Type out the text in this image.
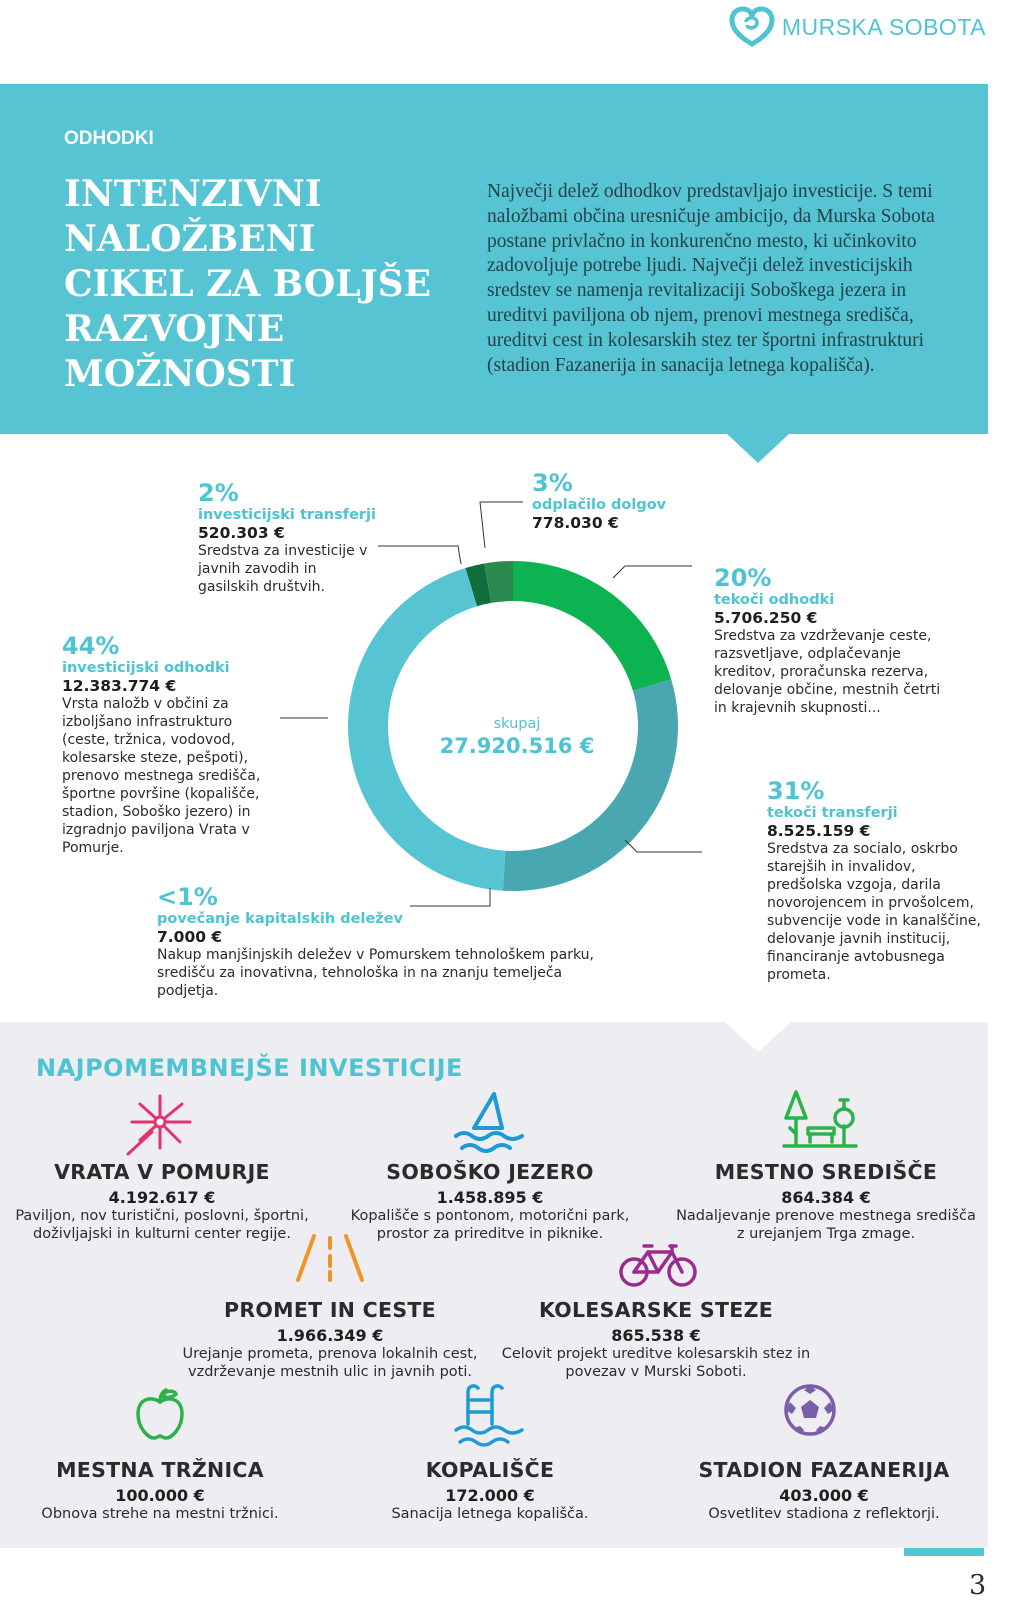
MURSKA SOBOTA
ODHODKI
INTENZIVNI NALOŽBENI CIKEL ZA BOLJŠE RAZVOJNE MOŽNOSTI
Največji delež odhodkov predstavljajo investicije. S temi naložbami občina uresničuje ambicijo, da Murska Sobota postane privlačno in konkurenčno mesto, ki učinkovito zadovoljuje potrebe ljudi. Največji delež investicijskih sredstev se namenja revitalizaciji Soboškega jezera in ureditvi paviljona ob njem, prenovi mestnega središča, ureditvi cest in kolesarskih stez ter športni infrastrukturi (stadion Fazanerija in sanacija letnega kopališča).
skupaj
27.920.516 €
2%
investicijski transferji
520.303 €
Sredstva za investicije v javnih zavodih in gasilskih društvih.
3%
odplačilo dolgov
778.030 €
20%
tekoči odhodki
5.706.250 €
Sredstva za vzdrževanje ceste, razsvetljave, odplačevanje kreditov, proračunska rezerva, delovanje občine, mestnih četrti in krajevnih skupnosti...
44%
investicijski odhodki
12.383.774 €
Vrsta naložb v občini za izboljšano infrastrukturo (ceste, tržnica, vodovod, kolesarske steze, pešpoti), prenovo mestnega središča, športne površine (kopališče, stadion, Soboško jezero) in izgradnjo paviljona Vrata v Pomurje.
31%
tekoči transferji
8.525.159 €
Sredstva za socialo, oskrbo starejših in invalidov, predšolska vzgoja, darila novorojencem in prvošolcem, subvencije vode in kanalščine, delovanje javnih institucij, financiranje avtobusnega prometa.
<1%
povečanje kapitalskih deležev
7.000 €
Nakup manjšinjskih deležev v Pomurskem tehnološkem parku, središču za inovativna, tehnološka in na znanju temelječa podjetja.
NAJPOMEMBNEJŠE INVESTICIJE
VRATA V POMURJE
4.192.617 €
Paviljon, nov turistični, poslovni, športni, doživljajski in kulturni center regije.
SOBOŠKO JEZERO
1.458.895 €
Kopališče s pontonom, motorični park, prostor za prireditve in piknike.
MESTNO SREDIŠČE
864.384 €
Nadaljevanje prenove mestnega središča z urejanjem Trga zmage.
PROMET IN CESTE
1.966.349 €
Urejanje prometa, prenova lokalnih cest, vzdrževanje mestnih ulic in javnih poti.
KOLESARSKE STEZE
865.538 €
Celovit projekt ureditve kolesarskih stez in povezav v Murski Soboti.
MESTNA TRŽNICA
100.000 €
Obnova strehe na mestni tržnici.
KOPALIŠČE
172.000 €
Sanacija letnega kopališča.
STADION FAZANERIJA
403.000 €
Osvetlitev stadiona z reflektorji.
3
